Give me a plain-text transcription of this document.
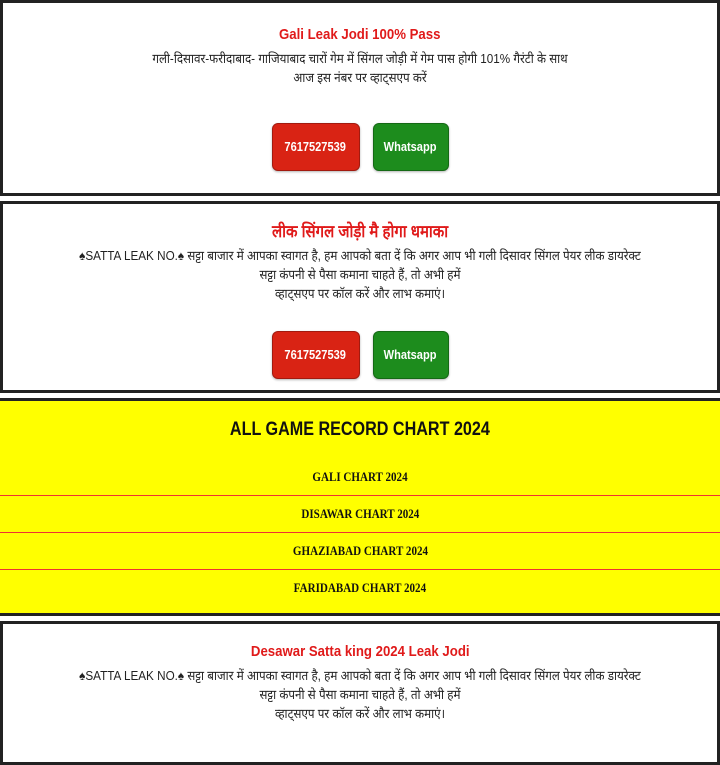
Gali Leak Jodi 100% Pass
गली-दिसावर-फरीदाबाद- गाजियाबाद चारों गेम में सिंगल जोड़ी में गेम पास होगी 101% गैरंटी के साथ
आज इस नंबर पर व्हाट्सएप करें
7617527539	Whatsapp
लीक सिंगल जोड़ी मै होगा धमाका
♠SATTA LEAK NO.♠ सट्टा बाजार में आपका स्वागत है, हम आपको बता दें कि अगर आप भी गली दिसावर सिंगल पेयर लीक डायरेक्ट सट्टा कंपनी से पैसा कमाना चाहते हैं, तो अभी हमें
व्हाट्सएप पर कॉल करें और लाभ कमाएं।
7617527539	Whatsapp
ALL GAME RECORD CHART 2024
GALI CHART 2024
DISAWAR CHART 2024
GHAZIABAD CHART 2024
FARIDABAD CHART 2024
Desawar Satta king 2024 Leak Jodi
♠SATTA LEAK NO.♠ सट्टा बाजार में आपका स्वागत है, हम आपको बता दें कि अगर आप भी गली दिसावर सिंगल पेयर लीक डायरेक्ट सट्टा कंपनी से पैसा कमाना चाहते हैं, तो अभी हमें
व्हाट्सएप पर कॉल करें और लाभ कमाएं।
